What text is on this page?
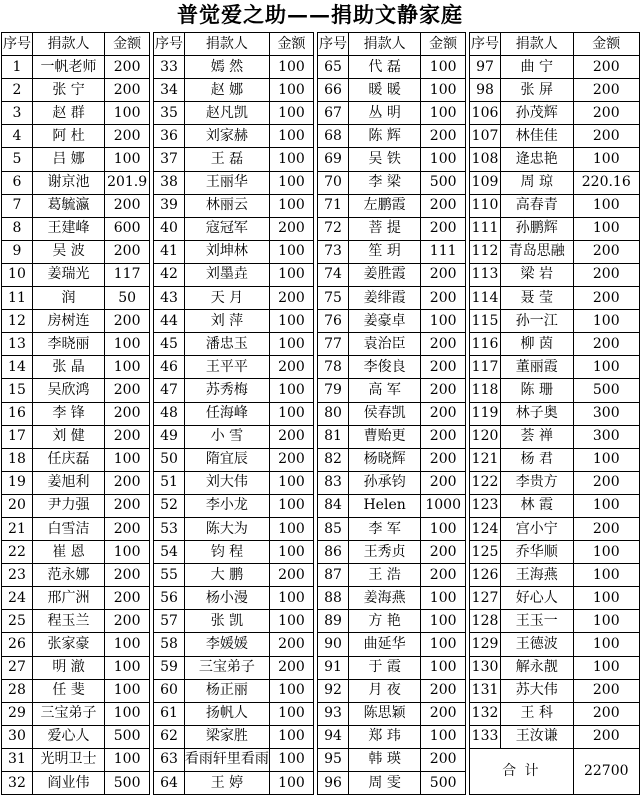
普觉爱之助——捐助文静家庭
序号	捐款人	金额
1	一帆老师	200
2	张 宁	200
3	赵 群	100
4	阿 杜	200
5	吕 娜	100
6	谢京池	201.9
7	葛毓瀛	200
8	王建峰	600
9	吴 波	200
10	姜瑞光	117
11	润	50
12	房树连	200
13	李晓丽	100
14	张 晶	100
15	吴欣鸿	200
16	李 锋	200
17	刘 健	200
18	任庆磊	100
19	姜旭利	200
20	尹力强	200
21	白雪洁	200
22	崔 恩	100
23	范永娜	200
24	邢广洲	200
25	程玉兰	200
26	张家豪	100
27	明 澈	100
28	任 斐	100
29	三宝弟子	100
30	爱心人	500
31	光明卫士	100
32	阎业伟	500
序号	捐款人	金额
33	嫣 然	100
34	赵 娜	100
35	赵凡凯	100
36	刘家赫	100
37	王 磊	100
38	王丽华	100
39	林丽云	100
40	寇冠军	200
41	刘坤林	100
42	刘墨垚	100
43	天 月	200
44	刘 萍	100
45	潘忠玉	100
46	王平平	200
47	苏秀梅	100
48	任海峰	100
49	小 雪	200
50	隋宜辰	200
51	刘大伟	100
52	李小龙	100
53	陈大为	100
54	钧 程	100
55	大 鹏	200
56	杨小漫	100
57	张 凯	100
58	李媛媛	200
59	三宝弟子	200
60	杨正丽	100
61	扬帆人	100
62	梁家胜	100
63	看雨轩里看雨	100
64	王 婷	100
序号	捐款人	金额
65	代 磊	100
66	暖 暖	100
67	丛 明	100
68	陈 辉	200
69	吴 铁	100
70	李 梁	500
71	左鹏霞	200
72	菩 提	200
73	笙 玥	111
74	姜胜霞	200
75	姜绯霞	200
76	姜豪卓	100
77	袁治臣	200
78	李俊良	200
79	高 军	200
80	侯春凯	200
81	曹贻更	200
82	杨晓辉	200
83	孙承钧	200
84	Helen	1000
85	李 军	100
86	王秀贞	200
87	王 浩	200
88	姜海燕	100
89	方 艳	100
90	曲延华	100
91	于 霞	100
92	月 夜	200
93	陈思颖	200
94	郑 玮	100
95	韩 瑛	200
96	周 雯	500
序号	捐款人	金额
97	曲 宁	200
98	张 屏	200
106	孙茂辉	200
107	林佳佳	200
108	逄忠艳	100
109	周 琼	220.16
110	高春青	100
111	孙鹏辉	100
112	青岛思融	200
113	梁 岩	200
114	聂 莹	200
115	孙一江	100
116	柳 茵	200
117	董丽霞	100
118	陈 珊	500
119	林子奥	300
120	荟 禅	300
121	杨 君	100
122	李贵方	200
123	林 霞	100
124	宫小宁	200
125	乔华顺	100
126	王海燕	100
127	好心人	100
128	王玉一	100
129	王德波	100
130	解永靓	100
131	苏大伟	200
132	王 科	200
133	王汝谦	200
合 计		22700
